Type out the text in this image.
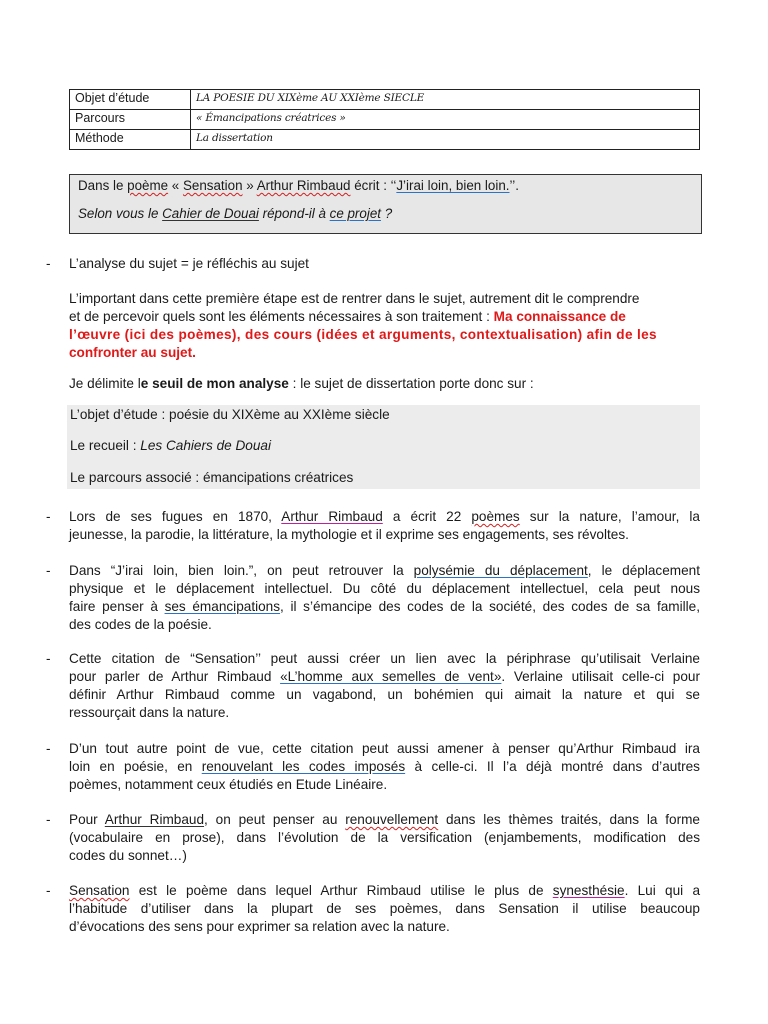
Objet d’étude	LA POESIE DU XIXème AU XXIème SIECLE
Parcours	« Émancipations créatrices »
Méthode	La dissertation
Dans le poème « Sensation » Arthur Rimbaud écrit : ‘‘J’irai loin, bien loin.’’.
Selon vous le Cahier de Douai répond-il à ce projet ?
- L’analyse du sujet = je réfléchis au sujet
L’important dans cette première étape est de rentrer dans le sujet, autrement dit le comprendre
et de percevoir quels sont les éléments nécessaires à son traitement : Ma connaissance de
l’œuvre (ici des poèmes), des cours (idées et arguments, contextualisation) afin de les
confronter au sujet.
Je délimite le seuil de mon analyse : le sujet de dissertation porte donc sur :
L’objet d’étude : poésie du XIXème au XXIème siècle
Le recueil : Les Cahiers de Douai
Le parcours associé : émancipations créatrices
- Lors de ses fugues en 1870, Arthur Rimbaud a écrit 22 poèmes sur la nature, l’amour, la
jeunesse, la parodie, la littérature, la mythologie et il exprime ses engagements, ses révoltes.
- Dans “J’irai loin, bien loin.”, on peut retrouver la polysémie du déplacement, le déplacement
physique et le déplacement intellectuel. Du côté du déplacement intellectuel, cela peut nous
faire penser à ses émancipations, il s’émancipe des codes de la société, des codes de sa famille,
des codes de la poésie.
- Cette citation de “Sensation’’ peut aussi créer un lien avec la périphrase qu’utilisait Verlaine
pour parler de Arthur Rimbaud «L’homme aux semelles de vent». Verlaine utilisait celle-ci pour
définir Arthur Rimbaud comme un vagabond, un bohémien qui aimait la nature et qui se
ressourçait dans la nature.
- D’un tout autre point de vue, cette citation peut aussi amener à penser qu’Arthur Rimbaud ira
loin en poésie, en renouvelant les codes imposés à celle-ci. Il l’a déjà montré dans d’autres
poèmes, notamment ceux étudiés en Etude Linéaire.
- Pour Arthur Rimbaud, on peut penser au renouvellement dans les thèmes traités, dans la forme
(vocabulaire en prose), dans l’évolution de la versification (enjambements, modification des
codes du sonnet…)
- Sensation est le poème dans lequel Arthur Rimbaud utilise le plus de synesthésie. Lui qui a
l’habitude d’utiliser dans la plupart de ses poèmes, dans Sensation il utilise beaucoup
d’évocations des sens pour exprimer sa relation avec la nature.
